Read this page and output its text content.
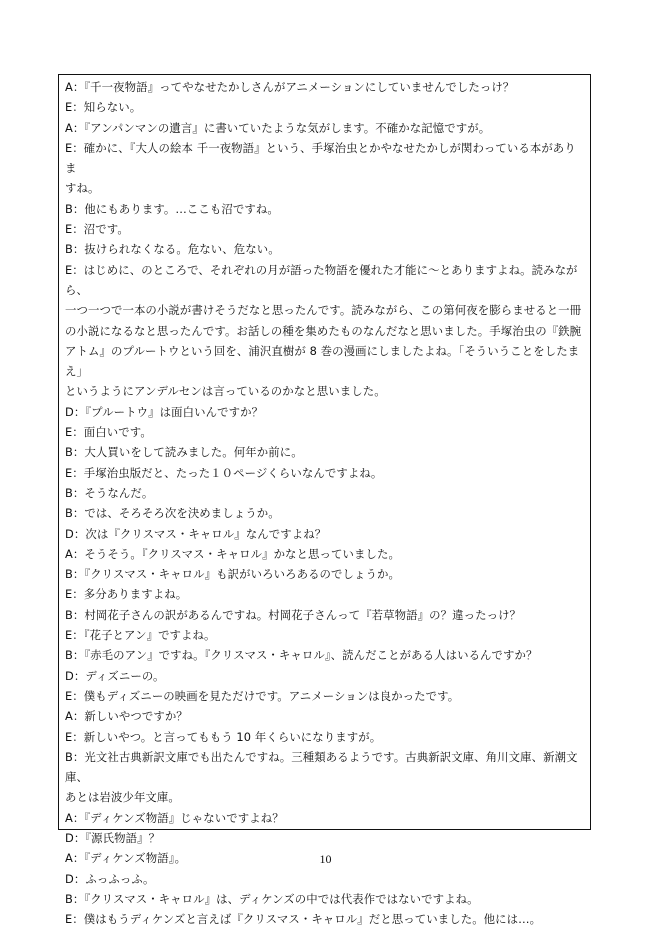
A：『千一夜物語』ってやなせたかしさんがアニメーションにしていませんでしたっけ？
E：知らない。
A：『アンパンマンの遺言』に書いていたような気がします。不確かな記憶ですが。
E：確かに、『大人の絵本 千一夜物語』という、手塚治虫とかやなせたかしが関わっている本がありま
すね。
B：他にもあります。…ここも沼ですね。
E：沼です。
B：抜けられなくなる。危ない、危ない。
E：はじめに、のところで、それぞれの月が語った物語を優れた才能に～とありますよね。読みながら、
一つ一つで一本の小説が書けそうだなと思ったんです。読みながら、この第何夜を膨らませると一冊
の小説になるなと思ったんです。お話しの種を集めたものなんだなと思いました。手塚治虫の『鉄腕
アトム』のプルートウという回を、浦沢直樹が 8 巻の漫画にしましたよね。「そういうことをしたまえ」
というようにアンデルセンは言っているのかなと思いました。
D：『プルートウ』は面白いんですか？
E：面白いです。
B：大人買いをして読みました。何年か前に。
E：手塚治虫版だと、たった１０ページくらいなんですよね。
B：そうなんだ。
B：では、そろそろ次を決めましょうか。
D：次は『クリスマス・キャロル』なんですよね？
A：そうそう。『クリスマス・キャロル』かなと思っていました。
B：『クリスマス・キャロル』も訳がいろいろあるのでしょうか。
E：多分ありますよね。
B：村岡花子さんの訳があるんですね。村岡花子さんって『若草物語』の？違ったっけ？
E：『花子とアン』ですよね。
B：『赤毛のアン』ですね。『クリスマス・キャロル』、読んだことがある人はいるんですか？
D：ディズニーの。
E：僕もディズニーの映画を見ただけです。アニメーションは良かったです。
A：新しいやつですか？
E：新しいやつ。と言ってももう 10 年くらいになりますが。
B：光文社古典新訳文庫でも出たんですね。三種類あるようです。古典新訳文庫、角川文庫、新潮文庫、
あとは岩波少年文庫。
A：『ディケンズ物語』じゃないですよね？
D：『源氏物語』？
A：『ディケンズ物語』。
D：ふっふっふ。
B：『クリスマス・キャロル』は、ディケンズの中では代表作ではないですよね。
E：僕はもうディケンズと言えば『クリスマス・キャロル』だと思っていました。他には…。
10
